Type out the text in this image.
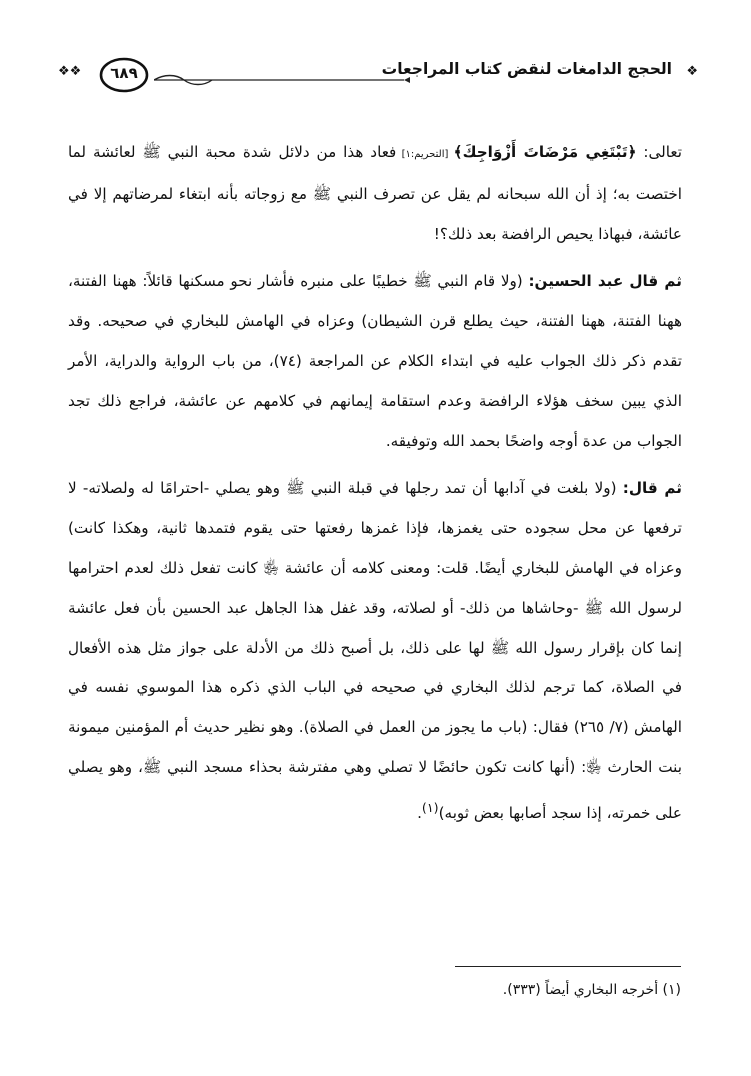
❖
الحجج الدامغات لنقض كتاب المراجعات
٦٨٩
❖❖

تعالى: ﴿تَبْتَغِي مَرْضَاتَ أَزْوَاجِكَ﴾ [التحريم:١] فعاد هذا من دلائل شدة محبة النبي ﷺ لعائشة لما اختصت به؛ إذ أن الله سبحانه لم يقل عن تصرف النبي ﷺ مع زوجاته بأنه ابتغاء لمرضاتهم إلا في عائشة، فبهاذا يحيص الرافضة بعد ذلك؟!

ثم قال عبد الحسين: (ولا قام النبي ﷺ خطيبًا على منبره فأشار نحو مسكنها قائلاً: ههنا الفتنة، ههنا الفتنة، ههنا الفتنة، حيث يطلع قرن الشيطان) وعزاه في الهامش للبخاري في صحيحه. وقد تقدم ذكر ذلك الجواب عليه في ابتداء الكلام عن المراجعة (٧٤)، من باب الرواية والدراية، الأمر الذي يبين سخف هؤلاء الرافضة وعدم استقامة إيمانهم في كلامهم عن عائشة، فراجع ذلك تجد الجواب من عدة أوجه واضحًا بحمد الله وتوفيقه.

ثم قال: (ولا بلغت في آدابها أن تمد رجلها في قبلة النبي ﷺ وهو يصلي -احترامًا له ولصلاته- لا ترفعها عن محل سجوده حتى يغمزها، فإذا غمزها رفعتها حتى يقوم فتمدها ثانية، وهكذا كانت) وعزاه في الهامش للبخاري أيضًا. قلت: ومعنى كلامه أن عائشة ﵂ كانت تفعل ذلك لعدم احترامها لرسول الله ﷺ -وحاشاها من ذلك- أو لصلاته، وقد غفل هذا الجاهل عبد الحسين بأن فعل عائشة إنما كان بإقرار رسول الله ﷺ لها على ذلك، بل أصبح ذلك من الأدلة على جواز مثل هذه الأفعال في الصلاة، كما ترجم لذلك البخاري في صحيحه في الباب الذي ذكره هذا الموسوي نفسه في الهامش (٧/ ٢٦٥) فقال: (باب ما يجوز من العمل في الصلاة). وهو نظير حديث أم المؤمنين ميمونة بنت الحارث ﵂: (أنها كانت تكون حائضًا لا تصلي وهي مفترشة بحذاء مسجد النبي ﷺ، وهو يصلي على خمرته، إذا سجد أصابها بعض ثوبه)$^{(١)}$.

(١) أخرجه البخاري أيضاً (٣٣٣).
